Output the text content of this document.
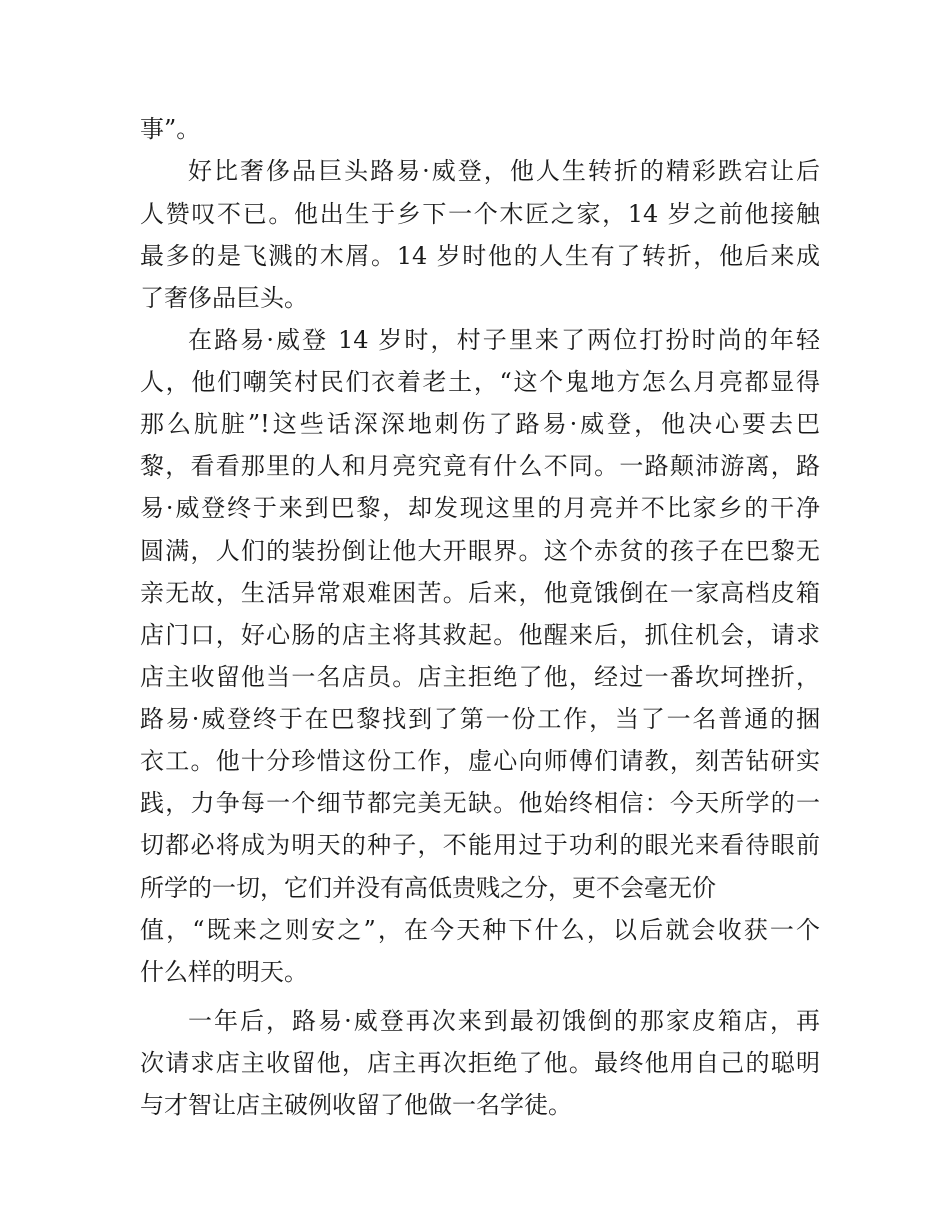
事”。
好比奢侈品巨头路易·威登，他人生转折的精彩跌宕让后
人赞叹不已。他出生于乡下一个木匠之家，14 岁之前他接触
最多的是飞溅的木屑。14 岁时他的人生有了转折，他后来成
了奢侈品巨头。
在路易·威登 14 岁时，村子里来了两位打扮时尚的年轻
人，他们嘲笑村民们衣着老土，“这个鬼地方怎么月亮都显得
那么肮脏”!这些话深深地刺伤了路易·威登，他决心要去巴
黎，看看那里的人和月亮究竟有什么不同。一路颠沛游离，路
易·威登终于来到巴黎，却发现这里的月亮并不比家乡的干净
圆满，人们的装扮倒让他大开眼界。这个赤贫的孩子在巴黎无
亲无故，生活异常艰难困苦。后来，他竟饿倒在一家高档皮箱
店门口，好心肠的店主将其救起。他醒来后，抓住机会，请求
店主收留他当一名店员。店主拒绝了他，经过一番坎坷挫折，
路易·威登终于在巴黎找到了第一份工作，当了一名普通的捆
衣工。他十分珍惜这份工作，虚心向师傅们请教，刻苦钻研实
践，力争每一个细节都完美无缺。他始终相信：今天所学的一
切都必将成为明天的种子，不能用过于功利的眼光来看待眼前
所学的一切，它们并没有高低贵贱之分，更不会毫无价
值，“既来之则安之”，在今天种下什么，以后就会收获一个
什么样的明天。
一年后，路易·威登再次来到最初饿倒的那家皮箱店，再
次请求店主收留他，店主再次拒绝了他。最终他用自己的聪明
与才智让店主破例收留了他做一名学徒。
